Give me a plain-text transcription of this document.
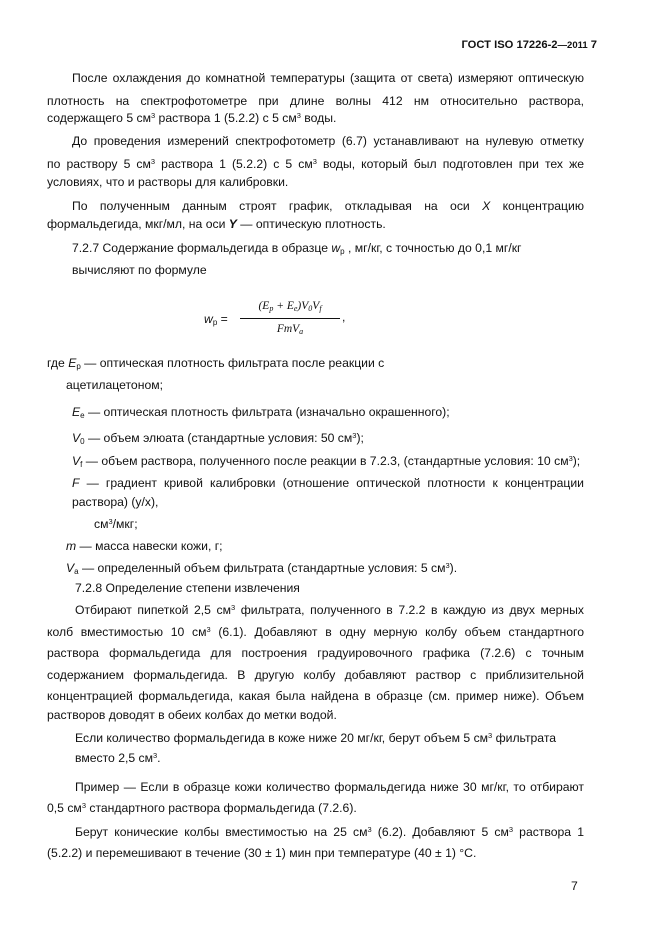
ГОСТ ISO 17226-2—2011 7
После охлаждения до комнатной температуры (защита от света) измеряют оптическую
плотность на спектрофотометре при длине волны 412 нм относительно раствора,
содержащего 5 $см^3$ раствора 1 (5.2.2) с 5 $см^3$ воды.
До проведения измерений спектрофотометр (6.7) устанавливают на нулевую отметку
по раствору 5 $см^3$ раствора 1 (5.2.2) с 5 $см^3$ воды, который был подготовлен при тех же
условиях, что и растворы для калибровки.
По полученным данным строят график, откладывая на оси X концентрацию
формальдегида, мкг/мл, на оси Y — оптическую плотность.
7.2.7 Содержание формальдегида в образце $w_p$ , мг/кг, с точностью до 0,1 мг/кг
вычисляют по формуле
$w_p$ =
$(E_p + E_e)V_0V_f$
FmV$_a$
,
где $E_p$ — оптическая плотность фильтрата после реакции с
ацетилацетоном;
$E_e$ — оптическая плотность фильтрата (изначально окрашенного);
$V_0$ — объем элюата (стандартные условия: 50 $см^3$);
$V_f$ — объем раствора, полученного после реакции в 7.2.3, (стандартные условия: 10 $см^3$);
F — градиент кривой калибровки (отношение оптической плотности к концентрации
раствора) (у/х),
$см^3$/мкг;
m — масса навески кожи, г;
$V_a$ — определенный объем фильтрата (стандартные условия: 5 $см^3$).
7.2.8 Определение степени извлечения
Отбирают пипеткой 2,5 $см^3$ фильтрата, полученного в 7.2.2 в каждую из двух мерных
колб вместимостью 10 $см^3$ (6.1). Добавляют в одну мерную колбу объем стандартного
раствора формальдегида для построения градуировочного графика (7.2.6) с точным
содержанием формальдегида. В другую колбу добавляют раствор с приблизительной
концентрацией формальдегида, какая была найдена в образце (см. пример ниже). Объем
растворов доводят в обеих колбах до метки водой.
Если количество формальдегида в коже ниже 20 мг/кг, берут объем 5 $см^3$ фильтрата
вместо 2,5 $см^3$.
Пример — Если в образце кожи количество формальдегида ниже 30 мг/кг, то отбирают
0,5 $см^3$ стандартного раствора формальдегида (7.2.6).
Берут конические колбы вместимостью на 25 $см^3$ (6.2). Добавляют 5 $см^3$ раствора 1
(5.2.2) и перемешивают в течение (30 ± 1) мин при температуре (40 ± 1) °С.
7
